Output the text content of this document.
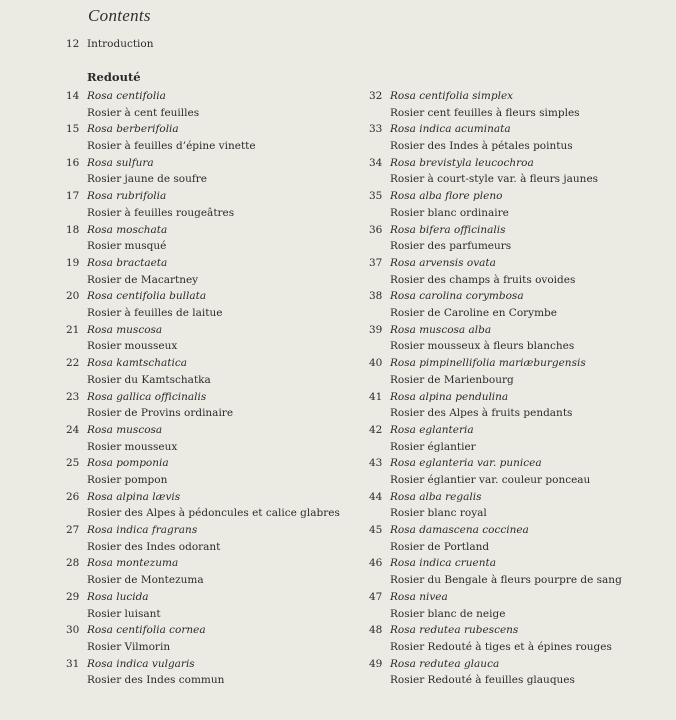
Contents
12 Introduction
Redouté
14 Rosa centifolia
Rosier à cent feuilles
15 Rosa berberifolia
Rosier à feuilles d’épine vinette
16 Rosa sulfura
Rosier jaune de soufre
17 Rosa rubrifolia
Rosier à feuilles rougeâtres
18 Rosa moschata
Rosier musqué
19 Rosa bractaeta
Rosier de Macartney
20 Rosa centifolia bullata
Rosier à feuilles de laitue
21 Rosa muscosa
Rosier mousseux
22 Rosa kamtschatica
Rosier du Kamtschatka
23 Rosa gallica officinalis
Rosier de Provins ordinaire
24 Rosa muscosa
Rosier mousseux
25 Rosa pomponia
Rosier pompon
26 Rosa alpina lævis
Rosier des Alpes à pédoncules et calice glabres
27 Rosa indica fragrans
Rosier des Indes odorant
28 Rosa montezuma
Rosier de Montezuma
29 Rosa lucida
Rosier luisant
30 Rosa centifolia cornea
Rosier Vilmorin
31 Rosa indica vulgaris
Rosier des Indes commun
32 Rosa centifolia simplex
Rosier cent feuilles à fleurs simples
33 Rosa indica acuminata
Rosier des Indes à pétales pointus
34 Rosa brevistyla leucochroa
Rosier à court-style var. à fleurs jaunes
35 Rosa alba flore pleno
Rosier blanc ordinaire
36 Rosa bifera officinalis
Rosier des parfumeurs
37 Rosa arvensis ovata
Rosier des champs à fruits ovoides
38 Rosa carolina corymbosa
Rosier de Caroline en Corymbe
39 Rosa muscosa alba
Rosier mousseux à fleurs blanches
40 Rosa pimpinellifolia mariæburgensis
Rosier de Marienbourg
41 Rosa alpina pendulina
Rosier des Alpes à fruits pendants
42 Rosa eglanteria
Rosier églantier
43 Rosa eglanteria var. punicea
Rosier églantier var. couleur ponceau
44 Rosa alba regalis
Rosier blanc royal
45 Rosa damascena coccinea
Rosier de Portland
46 Rosa indica cruenta
Rosier du Bengale à fleurs pourpre de sang
47 Rosa nivea
Rosier blanc de neige
48 Rosa redutea rubescens
Rosier Redouté à tiges et à épines rouges
49 Rosa redutea glauca
Rosier Redouté à feuilles glauques
